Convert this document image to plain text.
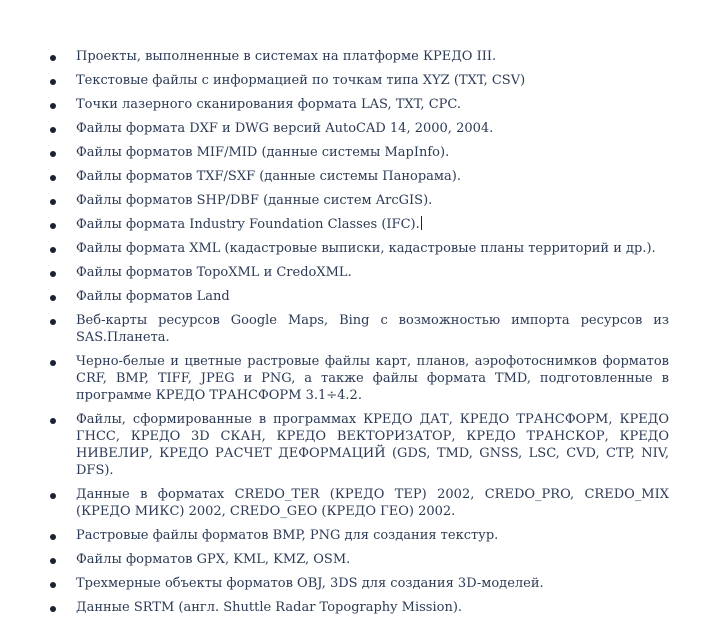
Проекты, выполненные в системах на платформе КРЕДО III.
Текстовые файлы с информацией по точкам типа XYZ (TXT, CSV)
Точки лазерного сканирования формата LAS, TXT, CPC.
Файлы формата DXF и DWG версий AutoCAD 14, 2000, 2004.
Файлы форматов MIF/MID (данные системы MapInfo).
Файлы форматов TXF/SXF (данные системы Панорама).
Файлы форматов SHP/DBF (данные систем ArcGIS).
Файлы формата Industry Foundation Classes (IFC).
Файлы формата XML (кадастровые выписки, кадастровые планы территорий и др.).
Файлы форматов TopoXML и CredoXML.
Файлы форматов Land
Веб-карты ресурсов Google Maps, Bing с возможностью импорта ресурсов из SAS.Планета.
Черно-белые и цветные растровые файлы карт, планов, аэрофотоснимков форматов CRF, BMP, TIFF, JPEG и PNG, а также файлы формата TMD, подготовленные в программе КРЕДО ТРАНСФОРМ 3.1÷4.2.
Файлы, сформированные в программах КРЕДО ДАТ, КРЕДО ТРАНСФОРМ, КРЕДО ГНСС, КРЕДО 3D СКАН, КРЕДО ВЕКТОРИЗАТОР, КРЕДО ТРАНСКОР, КРЕДО НИВЕЛИР, КРЕДО РАСЧЕТ ДЕФОРМАЦИЙ (GDS, TMD, GNSS, LSC, CVD, CTP, NIV, DFS).
Данные в форматах CREDO_TER (КРЕДО ТЕР) 2002, CREDO_PRO, CREDO_MIX (КРЕДО МИКС) 2002, CREDO_GEO (КРЕДО ГЕО) 2002.
Растровые файлы форматов BMP, PNG для создания текстур.
Файлы форматов GPX, KML, KMZ, OSM.
Трехмерные объекты форматов OBJ, 3DS для создания 3D-моделей.
Данные SRTM (англ. Shuttle Radar Topography Mission).
